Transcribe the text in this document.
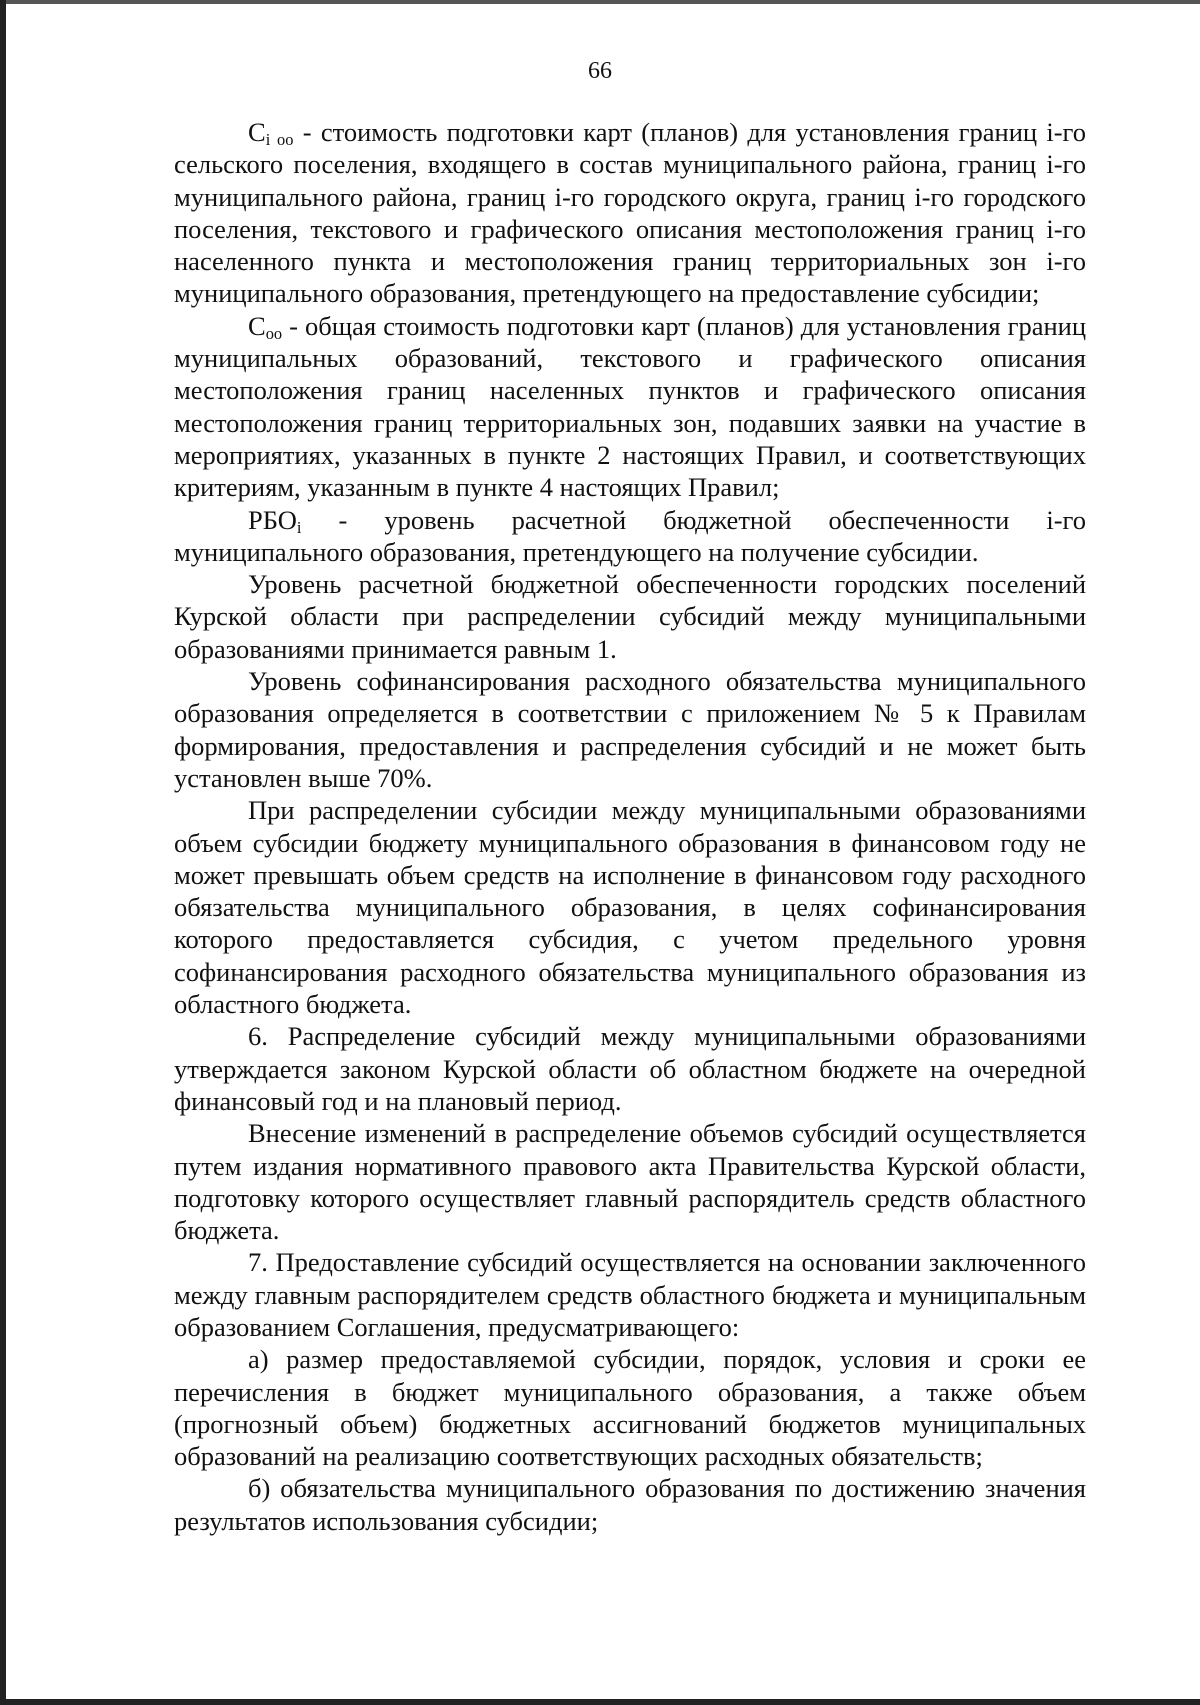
66

$C_{i оо}$ - стоимость подготовки карт (планов) для установления границ i-го сельского поселения, входящего в состав муниципального района, границ i-го муниципального района, границ i-го городского округа, границ i-го городского поселения, текстового и графического описания местоположения границ i-го населенного пункта и местоположения границ территориальных зон i-го муниципального образования, претендующего на предоставление субсидии;

$C_{оо}$ - общая стоимость подготовки карт (планов) для установления границ муниципальных образований, текстового и графического описания местоположения границ населенных пунктов и графического описания местоположения границ территориальных зон, подавших заявки на участие в мероприятиях, указанных в пункте 2 настоящих Правил, и соответствующих критериям, указанным в пункте 4 настоящих Правил;

$РБО_i$ - уровень расчетной бюджетной обеспеченности i-го муниципального образования, претендующего на получение субсидии.

Уровень расчетной бюджетной обеспеченности городских поселений Курской области при распределении субсидий между муниципальными образованиями принимается равным 1.

Уровень софинансирования расходного обязательства муниципального образования определяется в соответствии с приложением № 5 к Правилам формирования, предоставления и распределения субсидий и не может быть установлен выше 70%.

При распределении субсидии между муниципальными образованиями объем субсидии бюджету муниципального образования в финансовом году не может превышать объем средств на исполнение в финансовом году расходного обязательства муниципального образования, в целях софинансирования которого предоставляется субсидия, с учетом предельного уровня софинансирования расходного обязательства муниципального образования из областного бюджета.

6. Распределение субсидий между муниципальными образованиями утверждается законом Курской области об областном бюджете на очередной финансовый год и на плановый период.

Внесение изменений в распределение объемов субсидий осуществляется путем издания нормативного правового акта Правительства Курской области, подготовку которого осуществляет главный распорядитель средств областного бюджета.

7. Предоставление субсидий осуществляется на основании заключенного между главным распорядителем средств областного бюджета и муниципальным образованием Соглашения, предусматривающего:

а) размер предоставляемой субсидии, порядок, условия и сроки ее перечисления в бюджет муниципального образования, а также объем (прогнозный объем) бюджетных ассигнований бюджетов муниципальных образований на реализацию соответствующих расходных обязательств;

б) обязательства муниципального образования по достижению значения результатов использования субсидии;
